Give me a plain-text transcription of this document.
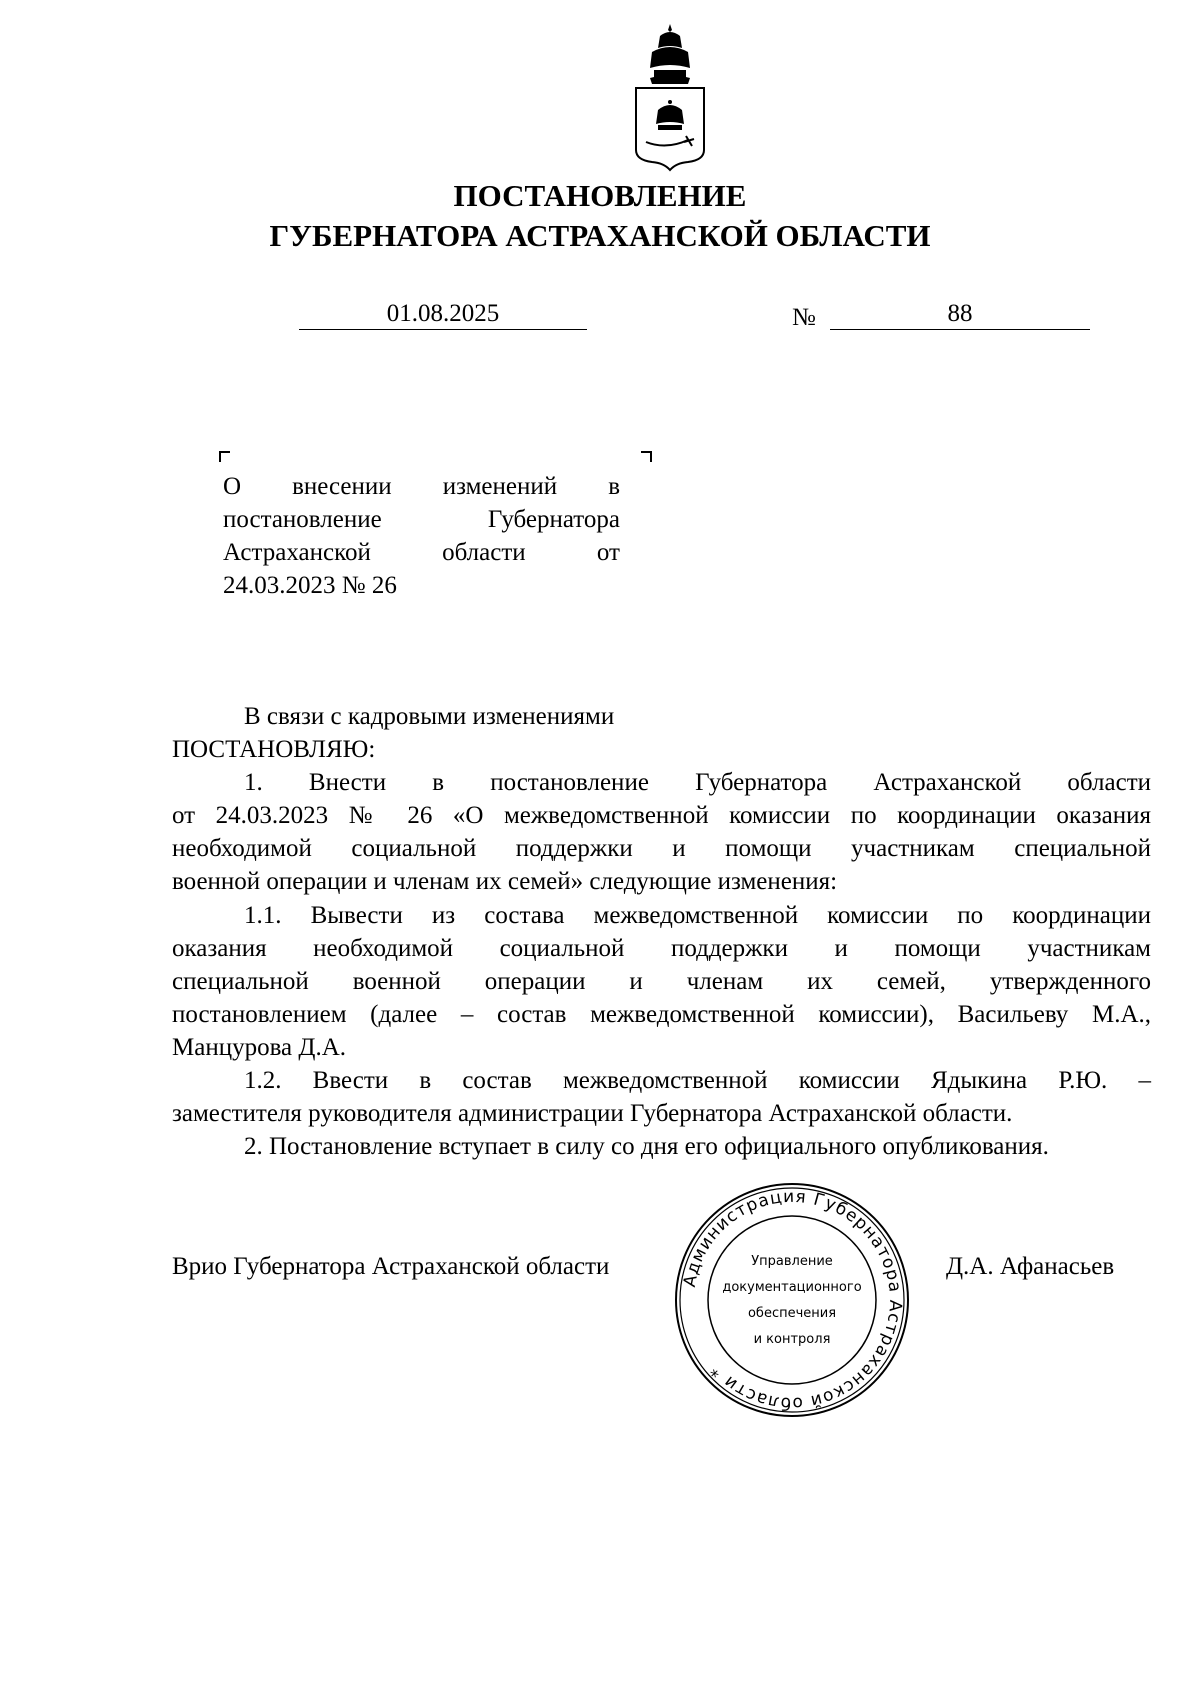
ПОСТАНОВЛЕНИЕ
ГУБЕРНАТОРА АСТРАХАНСКОЙ ОБЛАСТИ
01.08.2025	№	88
О внесении изменений в
постановление Губернатора
Астраханской области от
24.03.2023 № 26
В связи с кадровыми изменениями
ПОСТАНОВЛЯЮ:
1. Внести в постановление Губернатора Астраханской области
от 24.03.2023 № 26 «О межведомственной комиссии по координации оказания
необходимой социальной поддержки и помощи участникам специальной
военной операции и членам их семей» следующие изменения:
1.1. Вывести из состава межведомственной комиссии по координации
оказания необходимой социальной поддержки и помощи участникам
специальной военной операции и членам их семей, утвержденного
постановлением (далее – состав межведомственной комиссии), Васильеву М.А.,
Манцурова Д.А.
1.2. Ввести в состав межведомственной комиссии Ядыкина Р.Ю. –
заместителя руководителя администрации Губернатора Астраханской области.
2. Постановление вступает в силу со дня его официального опубликования.
Врио Губернатора Астраханской области	Д.А. Афанасьев
Администрация Губернатора Астраханской области *
Управление
документационного
обеспечения
и контроля
